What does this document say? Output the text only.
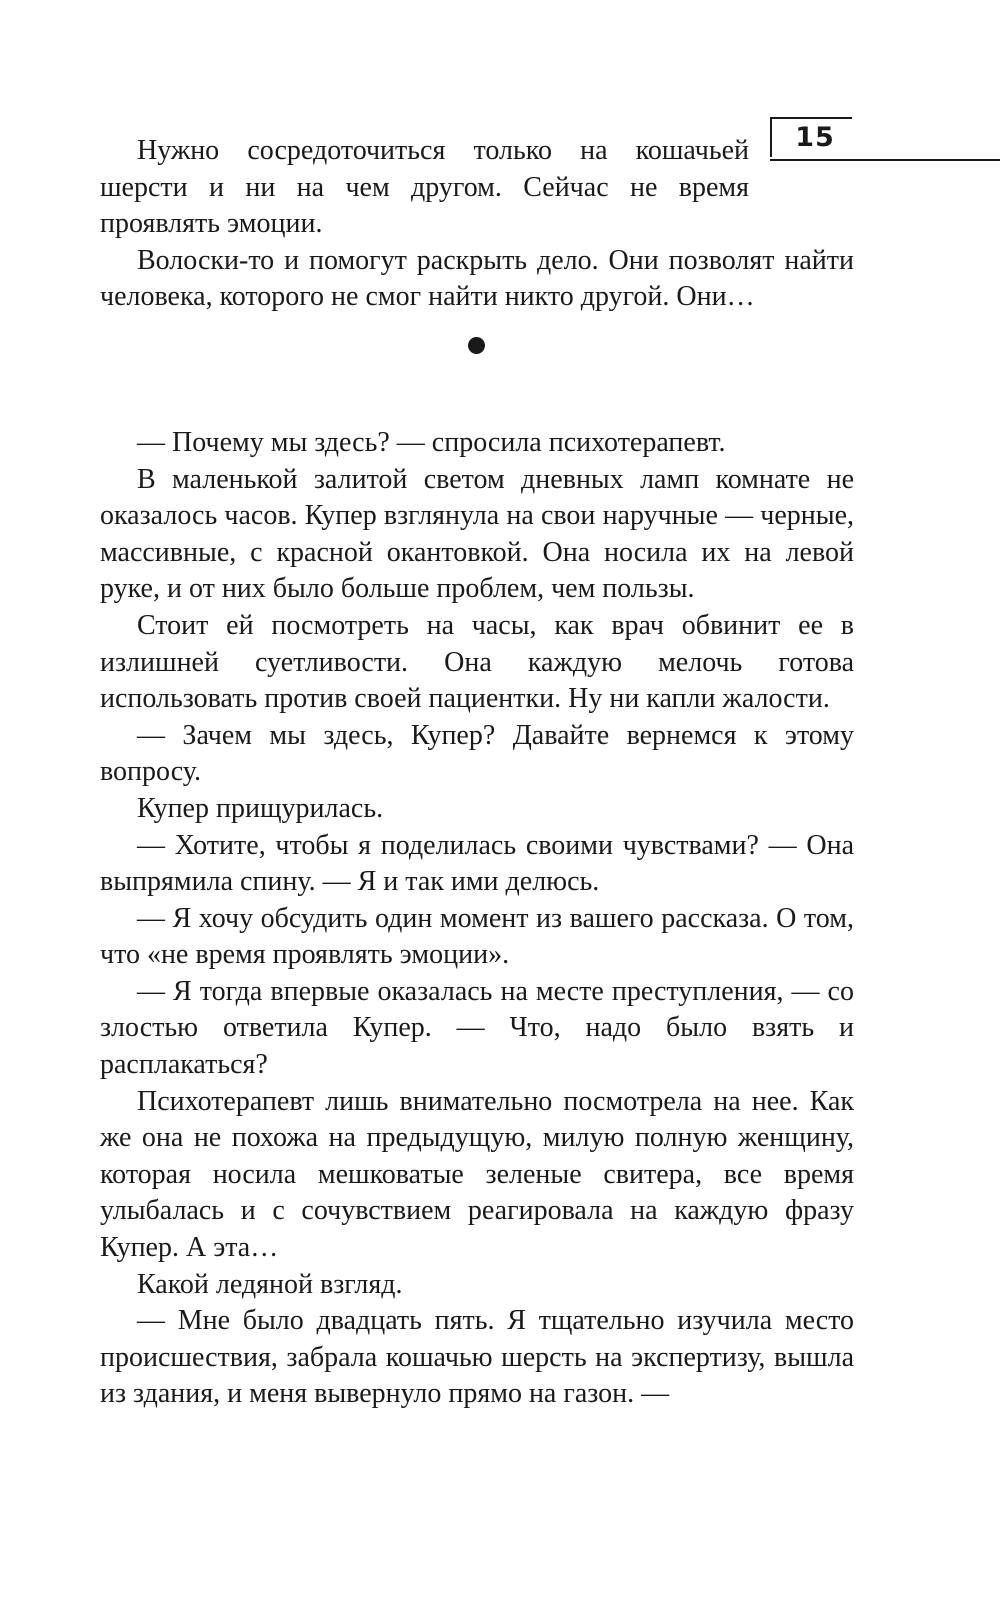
15

Нужно сосредоточиться только на кошачьей шерсти и ни на чем другом. Сейчас не время проявлять эмоции.

Волоски-то и помогут раскрыть дело. Они позволят найти человека, которого не смог найти никто другой. Они…

— Почему мы здесь? — спросила психотерапевт.

В маленькой залитой светом дневных ламп комнате не оказалось часов. Купер взглянула на свои наручные — черные, массивные, с красной окантовкой. Она носила их на левой руке, и от них было больше проблем, чем пользы.

Стоит ей посмотреть на часы, как врач обвинит ее в излишней суетливости. Она каждую мелочь готова использовать против своей пациентки. Ну ни капли жалости.

— Зачем мы здесь, Купер? Давайте вернемся к этому вопросу.

Купер прищурилась.

— Хотите, чтобы я поделилась своими чувствами? — Она выпрямила спину. — Я и так ими делюсь.

— Я хочу обсудить один момент из вашего рассказа. О том, что «не время проявлять эмоции».

— Я тогда впервые оказалась на месте преступления, — со злостью ответила Купер. — Что, надо было взять и расплакаться?

Психотерапевт лишь внимательно посмотрела на нее. Как же она не похожа на предыдущую, милую полную женщину, которая носила мешковатые зеленые свитера, все время улыбалась и с сочувствием реагировала на каждую фразу Купер. А эта…

Какой ледяной взгляд.

— Мне было двадцать пять. Я тщательно изучила место происшествия, забрала кошачью шерсть на экспертизу, вышла из здания, и меня вывернуло прямо на газон. —
